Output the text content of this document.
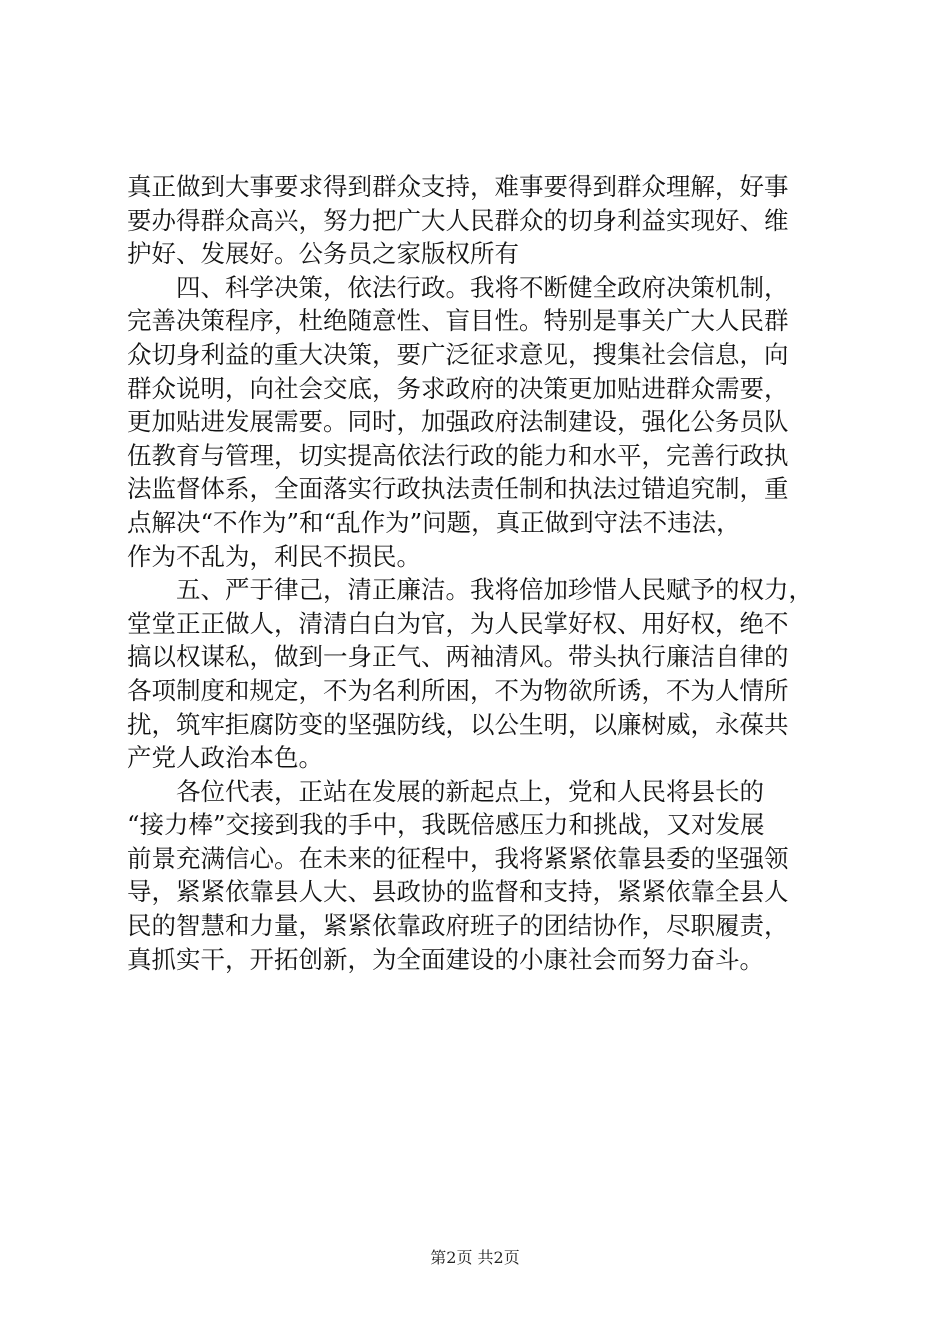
真正做到大事要求得到群众支持，难事要得到群众理解，好事
要办得群众高兴，努力把广大人民群众的切身利益实现好、维
护好、发展好。公务员之家版权所有
四、科学决策，依法行政。我将不断健全政府决策机制，
完善决策程序，杜绝随意性、盲目性。特别是事关广大人民群
众切身利益的重大决策，要广泛征求意见，搜集社会信息，向
群众说明，向社会交底，务求政府的决策更加贴进群众需要，
更加贴进发展需要。同时，加强政府法制建设，强化公务员队
伍教育与管理，切实提高依法行政的能力和水平，完善行政执
法监督体系，全面落实行政执法责任制和执法过错追究制，重
点解决“不作为”和“乱作为”问题，真正做到守法不违法，
作为不乱为，利民不损民。
五、严于律己，清正廉洁。我将倍加珍惜人民赋予的权力，
堂堂正正做人，清清白白为官，为人民掌好权、用好权，绝不
搞以权谋私，做到一身正气、两袖清风。带头执行廉洁自律的
各项制度和规定，不为名利所困，不为物欲所诱，不为人情所
扰，筑牢拒腐防变的坚强防线，以公生明，以廉树威，永葆共
产党人政治本色。
各位代表，正站在发展的新起点上，党和人民将县长的
“接力棒”交接到我的手中，我既倍感压力和挑战，又对发展
前景充满信心。在未来的征程中，我将紧紧依靠县委的坚强领
导，紧紧依靠县人大、县政协的监督和支持，紧紧依靠全县人
民的智慧和力量，紧紧依靠政府班子的团结协作，尽职履责，
真抓实干，开拓创新，为全面建设的小康社会而努力奋斗。
第2页 共2页
